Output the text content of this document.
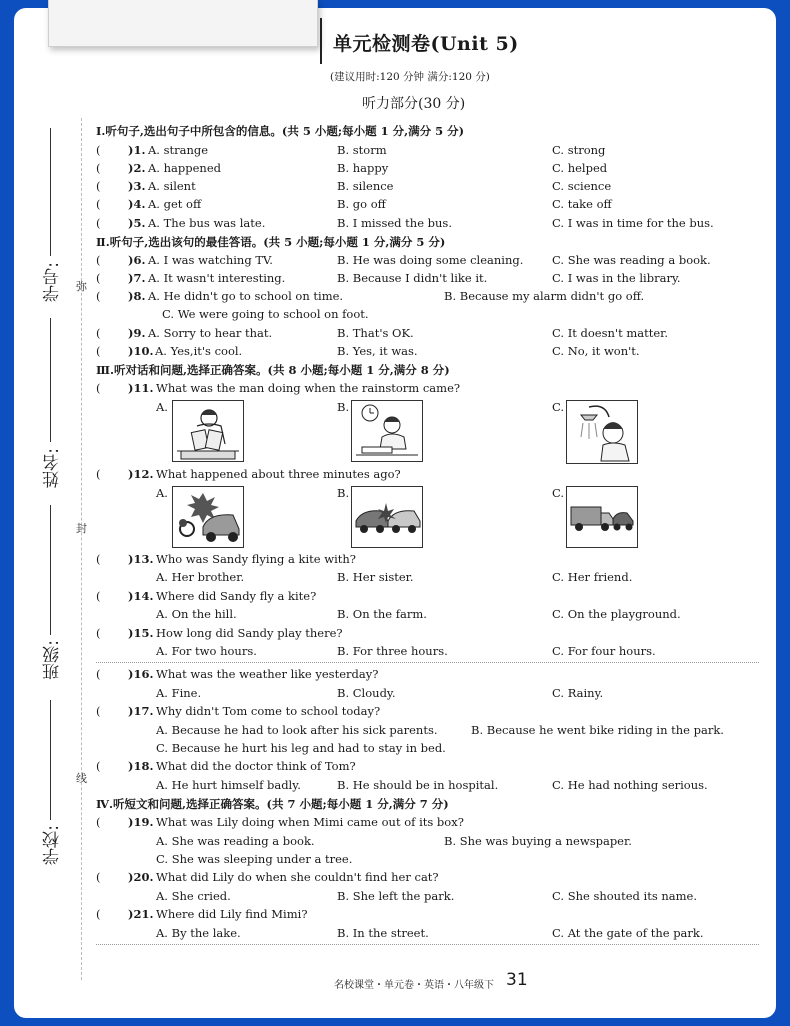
单元检测卷(Unit 5)
(建议用时:120 分钟 满分:120 分)
听力部分(30 分)
学号:
姓名:
班级:
学校:
弥
封
线
Ⅰ.听句子,选出句子中所包含的信息。(共 5 小题;每小题 1 分,满分 5 分)
( )1. A. strange	B. storm	C. strong
( )2. A. happened	B. happy	C. helped
( )3. A. silent	B. silence	C. science
( )4. A. get off	B. go off	C. take off
( )5. A. The bus was late.	B. I missed the bus.	C. I was in time for the bus.
Ⅱ.听句子,选出该句的最佳答语。(共 5 小题;每小题 1 分,满分 5 分)
( )6. A. I was watching TV.	B. He was doing some cleaning. C. She was reading a book.
( )7. A. It wasn't interesting.	B. Because I didn't like it.	C. I was in the library.
( )8. A. He didn't go to school on time.	B. Because my alarm didn't go off.
C. We were going to school on foot.
( )9. A. Sorry to hear that.	B. That's OK.	C. It doesn't matter.
( )10. A. Yes,it's cool.	B. Yes, it was.	C. No, it won't.
Ⅲ.听对话和问题,选择正确答案。(共 8 小题;每小题 1 分,满分 8 分)
( )11. What was the man doing when the rainstorm came?
A.	B.	C.
( )12. What happened about three minutes ago?
A.	B.	C.
( )13. Who was Sandy flying a kite with?
A. Her brother.	B. Her sister.	C. Her friend.
( )14. Where did Sandy fly a kite?
A. On the hill.	B. On the farm.	C. On the playground.
( )15. How long did Sandy play there?
A. For two hours.	B. For three hours.	C. For four hours.
( )16. What was the weather like yesterday?
A. Fine.	B. Cloudy.	C. Rainy.
( )17. Why didn't Tom come to school today?
A. Because he had to look after his sick parents.	B. Because he went bike riding in the park.
C. Because he hurt his leg and had to stay in bed.
( )18. What did the doctor think of Tom?
A. He hurt himself badly.	B. He should be in hospital.	C. He had nothing serious.
Ⅳ.听短文和问题,选择正确答案。(共 7 小题;每小题 1 分,满分 7 分)
( )19. What was Lily doing when Mimi came out of its box?
A. She was reading a book.	B. She was buying a newspaper.
C. She was sleeping under a tree.
( )20. What did Lily do when she couldn't find her cat?
A. She cried.	B. She left the park.	C. She shouted its name.
( )21. Where did Lily find Mimi?
A. By the lake.	B. In the street.	C. At the gate of the park.
名校课堂・单元卷・英语・八年级下 31
